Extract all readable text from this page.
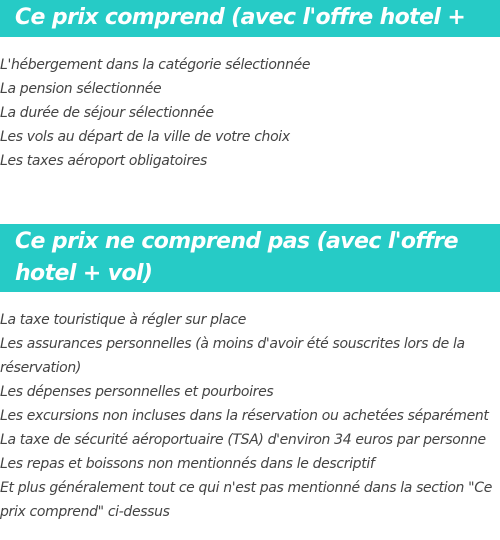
Ce prix comprend (avec l'offre hotel + vol)
L'hébergement dans la catégorie sélectionnée
La pension sélectionnée
La durée de séjour sélectionnée
Les vols au départ de la ville de votre choix
Les taxes aéroport obligatoires
Ce prix ne comprend pas (avec l'offre hotel + vol)
La taxe touristique à régler sur place
Les assurances personnelles (à moins d'avoir été souscrites lors de la réservation)
Les dépenses personnelles et pourboires
Les excursions non incluses dans la réservation ou achetées séparément
La taxe de sécurité aéroportuaire (TSA) d'environ 34 euros par personne
Les repas et boissons non mentionnés dans le descriptif
Et plus généralement tout ce qui n'est pas mentionné dans la section "Ce prix comprend" ci-dessus
